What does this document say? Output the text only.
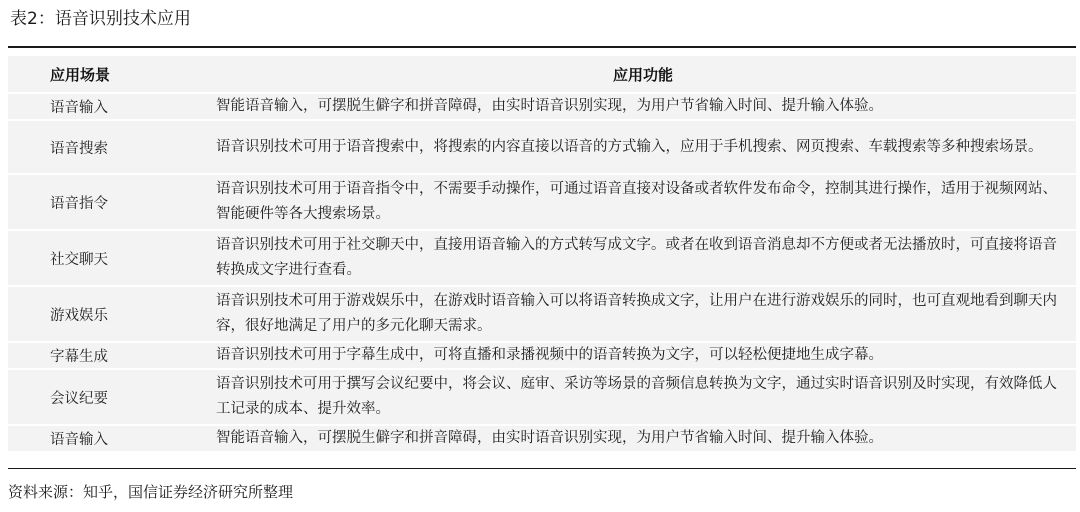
表2：语音识别技术应用
应用场景	应用功能
语音输入	智能语音输入，可摆脱生僻字和拼音障碍，由实时语音识别实现，为用户节省输入时间、提升输入体验。
语音搜索	语音识别技术可用于语音搜索中，将搜索的内容直接以语音的方式输入，应用于手机搜索、网页搜索、车载搜索等多种搜索场景。
语音指令	语音识别技术可用于语音指令中，不需要手动操作，可通过语音直接对设备或者软件发布命令，控制其进行操作，适用于视频网站、智能硬件等各大搜索场景。
社交聊天	语音识别技术可用于社交聊天中，直接用语音输入的方式转写成文字。或者在收到语音消息却不方便或者无法播放时，可直接将语音转换成文字进行查看。
游戏娱乐	语音识别技术可用于游戏娱乐中，在游戏时语音输入可以将语音转换成文字，让用户在进行游戏娱乐的同时，也可直观地看到聊天内容，很好地满足了用户的多元化聊天需求。
字幕生成	语音识别技术可用于字幕生成中，可将直播和录播视频中的语音转换为文字，可以轻松便捷地生成字幕。
会议纪要	语音识别技术可用于撰写会议纪要中，将会议、庭审、采访等场景的音频信息转换为文字，通过实时语音识别及时实现，有效降低人工记录的成本、提升效率。
语音输入	智能语音输入，可摆脱生僻字和拼音障碍，由实时语音识别实现，为用户节省输入时间、提升输入体验。
资料来源：知乎，国信证券经济研究所整理
